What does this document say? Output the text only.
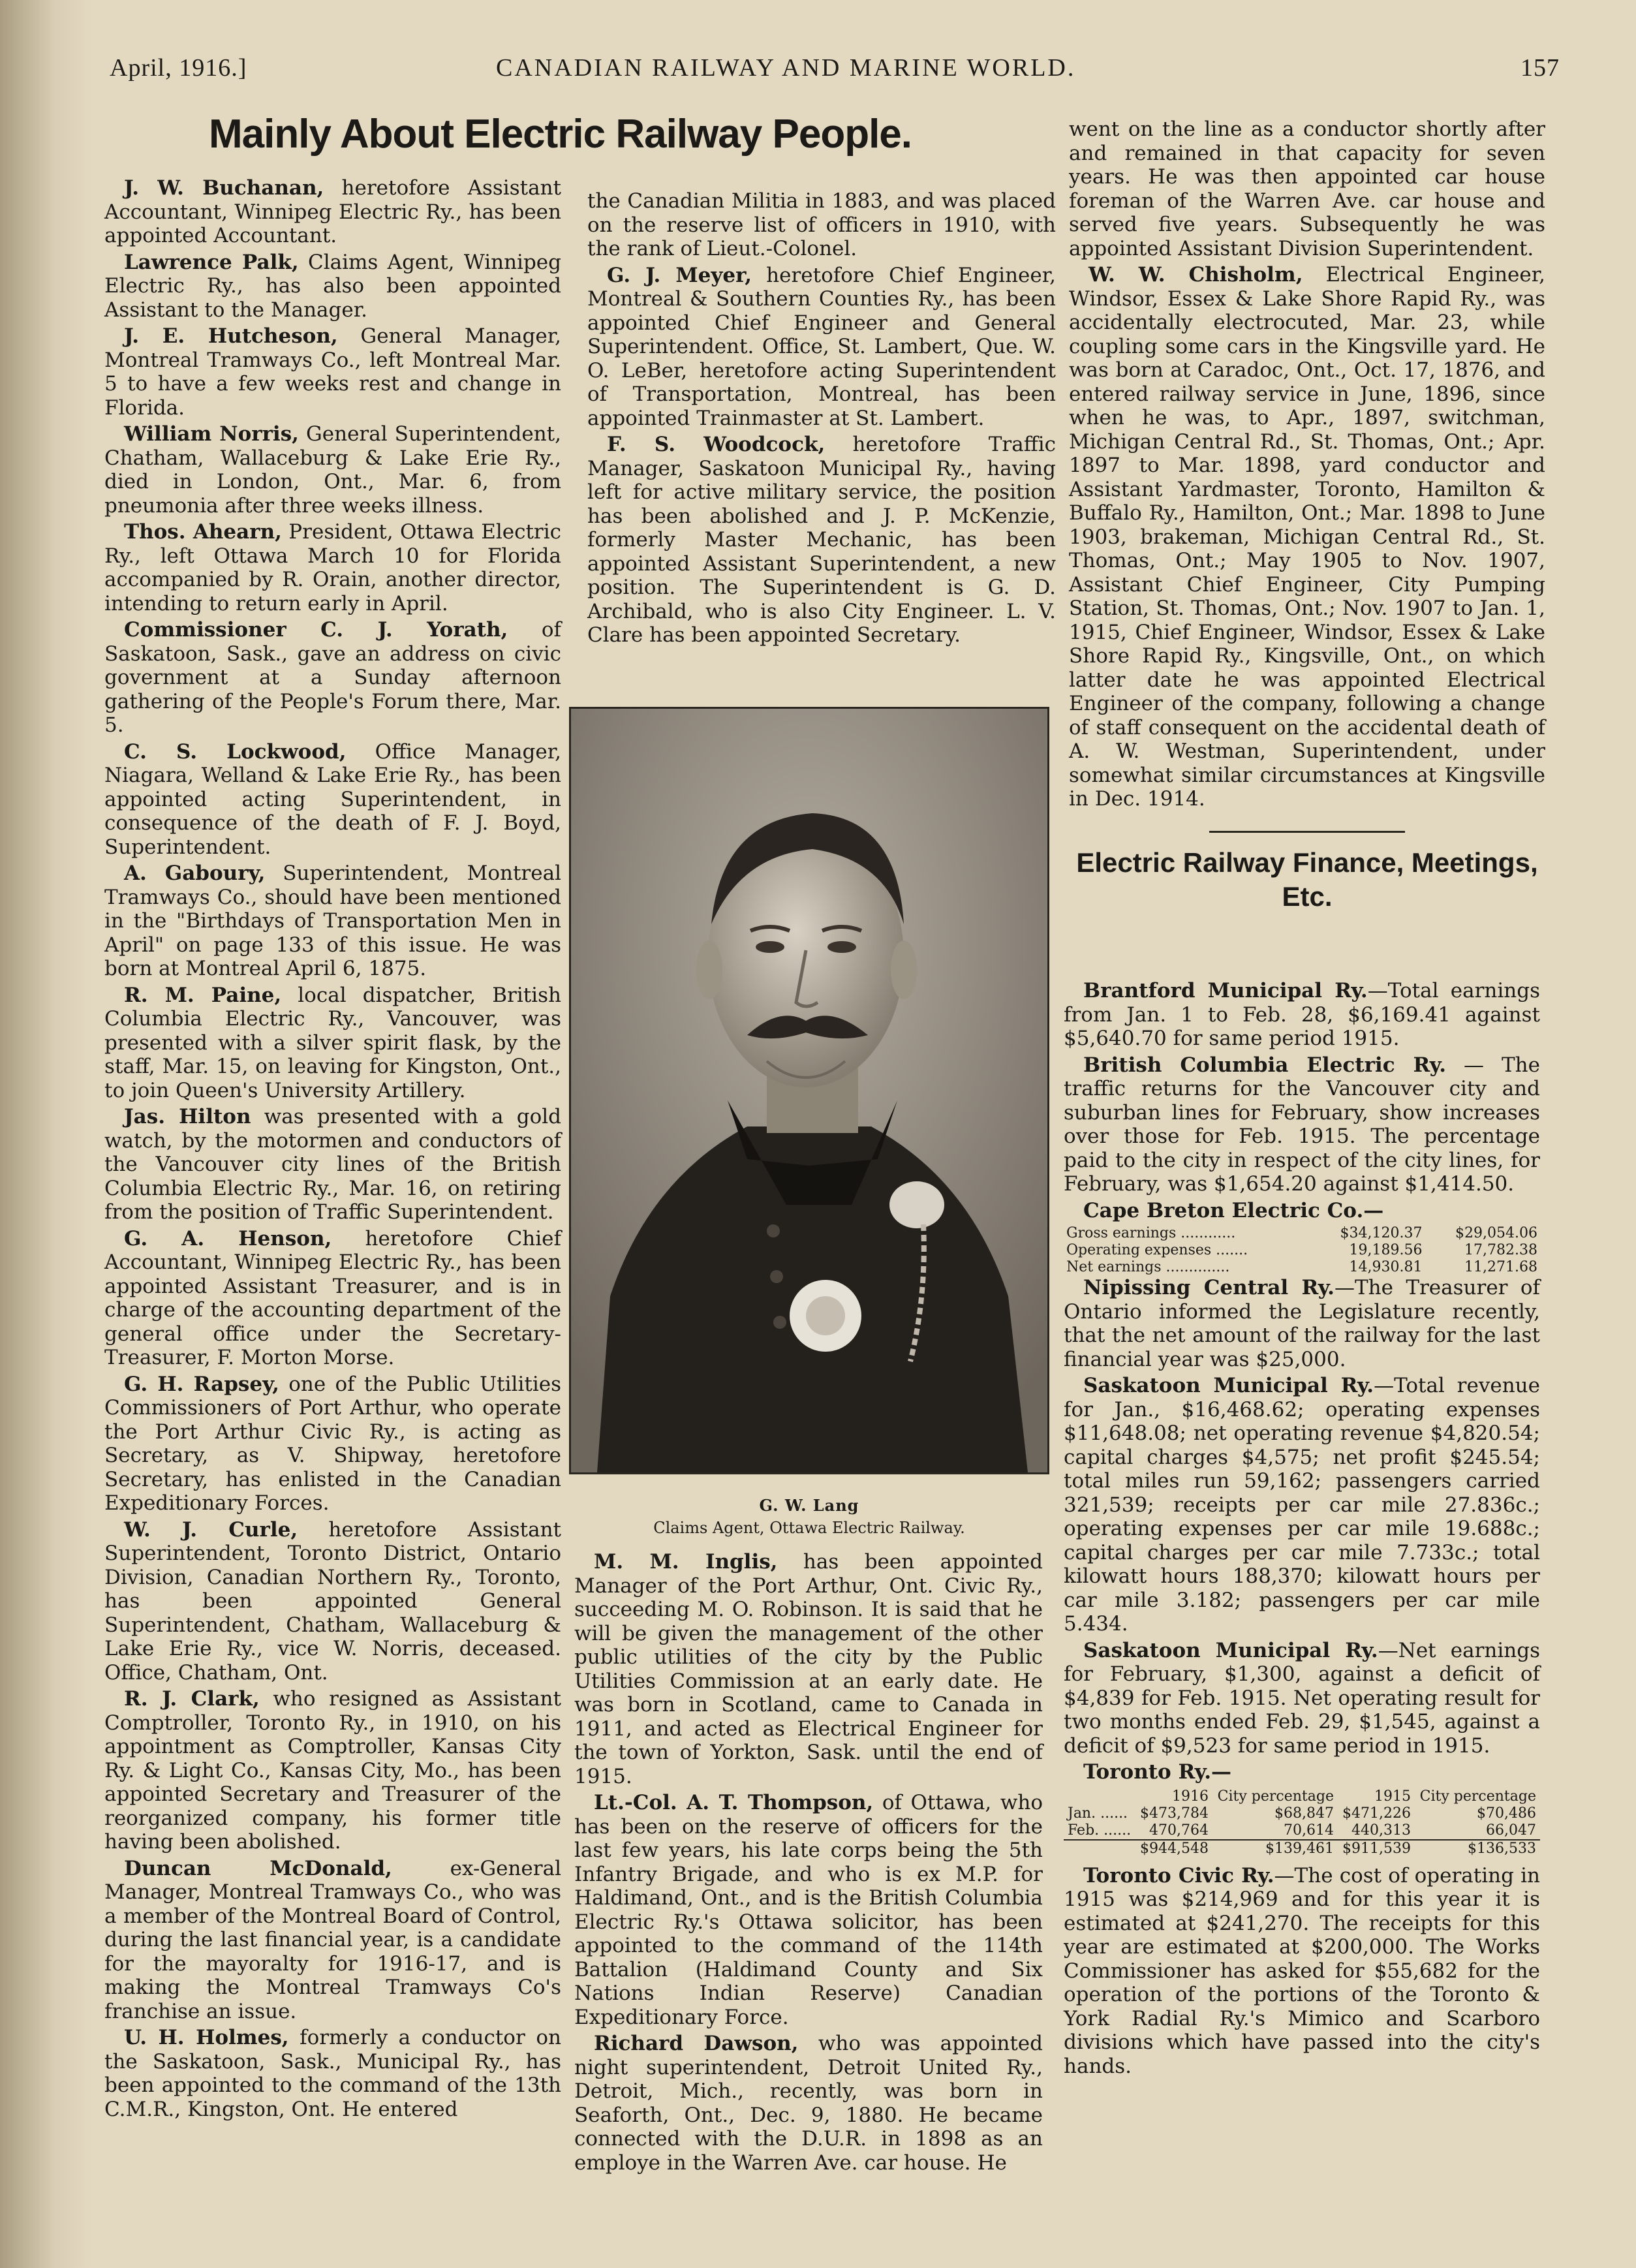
April, 1916.]	CANADIAN RAILWAY AND MARINE WORLD.	157
Mainly About Electric Railway People.

J. W. Buchanan, heretofore Assistant Accountant, Winnipeg Electric Ry., has been appointed Accountant.

Lawrence Palk, Claims Agent, Winnipeg Electric Ry., has also been appointed Assistant to the Manager.

J. E. Hutcheson, General Manager, Montreal Tramways Co., left Montreal Mar. 5 to have a few weeks rest and change in Florida.

William Norris, General Superintendent, Chatham, Wallaceburg & Lake Erie Ry., died in London, Ont., Mar. 6, from pneumonia after three weeks illness.

Thos. Ahearn, President, Ottawa Electric Ry., left Ottawa March 10 for Florida accompanied by R. Orain, another director, intending to return early in April.

Commissioner C. J. Yorath, of Saskatoon, Sask., gave an address on civic government at a Sunday afternoon gathering of the People's Forum there, Mar. 5.

C. S. Lockwood, Office Manager, Niagara, Welland & Lake Erie Ry., has been appointed acting Superintendent, in consequence of the death of F. J. Boyd, Superintendent.

A. Gaboury, Superintendent, Montreal Tramways Co., should have been mentioned in the "Birthdays of Transportation Men in April" on page 133 of this issue. He was born at Montreal April 6, 1875.

R. M. Paine, local dispatcher, British Columbia Electric Ry., Vancouver, was presented with a silver spirit flask, by the staff, Mar. 15, on leaving for Kingston, Ont., to join Queen's University Artillery.

Jas. Hilton was presented with a gold watch, by the motormen and conductors of the Vancouver city lines of the British Columbia Electric Ry., Mar. 16, on retiring from the position of Traffic Superintendent.

G. A. Henson, heretofore Chief Accountant, Winnipeg Electric Ry., has been appointed Assistant Treasurer, and is in charge of the accounting department of the general office under the Secretary-Treasurer, F. Morton Morse.

G. H. Rapsey, one of the Public Utilities Commissioners of Port Arthur, who operate the Port Arthur Civic Ry., is acting as Secretary, as V. Shipway, heretofore Secretary, has enlisted in the Canadian Expeditionary Forces.

W. J. Curle, heretofore Assistant Superintendent, Toronto District, Ontario Division, Canadian Northern Ry., Toronto, has been appointed General Superintendent, Chatham, Wallaceburg & Lake Erie Ry., vice W. Norris, deceased. Office, Chatham, Ont.

R. J. Clark, who resigned as Assistant Comptroller, Toronto Ry., in 1910, on his appointment as Comptroller, Kansas City Ry. & Light Co., Kansas City, Mo., has been appointed Secretary and Treasurer of the reorganized company, his former title having been abolished.

Duncan McDonald, ex-General Manager, Montreal Tramways Co., who was a member of the Montreal Board of Control, during the last financial year, is a candidate for the mayoralty for 1916-17, and is making the Montreal Tramways Co's franchise an issue.

U. H. Holmes, formerly a conductor on the Saskatoon, Sask., Municipal Ry., has been appointed to the command of the 13th C.M.R., Kingston, Ont. He entered

the Canadian Militia in 1883, and was placed on the reserve list of officers in 1910, with the rank of Lieut.-Colonel.

G. J. Meyer, heretofore Chief Engineer, Montreal & Southern Counties Ry., has been appointed Chief Engineer and General Superintendent. Office, St. Lambert, Que. W. O. LeBer, heretofore acting Superintendent of Transportation, Montreal, has been appointed Trainmaster at St. Lambert.

F. S. Woodcock, heretofore Traffic Manager, Saskatoon Municipal Ry., having left for active military service, the position has been abolished and J. P. McKenzie, formerly Master Mechanic, has been appointed Assistant Superintendent, a new position. The Superintendent is G. D. Archibald, who is also City Engineer. L. V. Clare has been appointed Secretary.

G. W. Lang
Claims Agent, Ottawa Electric Railway.

M. M. Inglis, has been appointed Manager of the Port Arthur, Ont. Civic Ry., succeeding M. O. Robinson. It is said that he will be given the management of the other public utilities of the city by the Public Utilities Commission at an early date. He was born in Scotland, came to Canada in 1911, and acted as Electrical Engineer for the town of Yorkton, Sask. until the end of 1915.

Lt.-Col. A. T. Thompson, of Ottawa, who has been on the reserve of officers for the last few years, his late corps being the 5th Infantry Brigade, and who is ex M.P. for Haldimand, Ont., and is the British Columbia Electric Ry.'s Ottawa solicitor, has been appointed to the command of the 114th Battalion (Haldimand County and Six Nations Indian Reserve) Canadian Expeditionary Force.

Richard Dawson, who was appointed night superintendent, Detroit United Ry., Detroit, Mich., recently, was born in Seaforth, Ont., Dec. 9, 1880. He became connected with the D.U.R. in 1898 as an employe in the Warren Ave. car house. He

went on the line as a conductor shortly after and remained in that capacity for seven years. He was then appointed car house foreman of the Warren Ave. car house and served five years. Subsequently he was appointed Assistant Division Superintendent.

W. W. Chisholm, Electrical Engineer, Windsor, Essex & Lake Shore Rapid Ry., was accidentally electrocuted, Mar. 23, while coupling some cars in the Kingsville yard. He was born at Caradoc, Ont., Oct. 17, 1876, and entered railway service in June, 1896, since when he was, to Apr., 1897, switchman, Michigan Central Rd., St. Thomas, Ont.; Apr. 1897 to Mar. 1898, yard conductor and Assistant Yardmaster, Toronto, Hamilton & Buffalo Ry., Hamilton, Ont.; Mar. 1898 to June 1903, brakeman, Michigan Central Rd., St. Thomas, Ont.; May 1905 to Nov. 1907, Assistant Chief Engineer, City Pumping Station, St. Thomas, Ont.; Nov. 1907 to Jan. 1, 1915, Chief Engineer, Windsor, Essex & Lake Shore Rapid Ry., Kingsville, Ont., on which latter date he was appointed Electrical Engineer of the company, following a change of staff consequent on the accidental death of A. W. Westman, Superintendent, under somewhat similar circumstances at Kingsville in Dec. 1914.

Electric Railway Finance, Meetings, Etc.

Brantford Municipal Ry.—Total earnings from Jan. 1 to Feb. 28, $6,169.41 against $5,640.70 for same period 1915.

British Columbia Electric Ry. — The traffic returns for the Vancouver city and suburban lines for February, show increases over those for Feb. 1915. The percentage paid to the city in respect of the city lines, for February, was $1,654.20 against $1,414.50.

Cape Breton Electric Co.—

Gross earnings ............	$34,120.37	$29,054.06
Operating expenses .......	19,189.56	17,782.38
Net earnings ..............	14,930.81	11,271.68

Nipissing Central Ry.—The Treasurer of Ontario informed the Legislature recently, that the net amount of the railway for the last financial year was $25,000.

Saskatoon Municipal Ry.—Total revenue for Jan., $16,468.62; operating expenses $11,648.08; net operating revenue $4,820.54; capital charges $4,575; net profit $245.54; total miles run 59,162; passengers carried 321,539; receipts per car mile 27.836c.; operating expenses per car mile 19.688c.; capital charges per car mile 7.733c.; total kilowatt hours 188,370; kilowatt hours per car mile 3.182; passengers per car mile 5.434.

Saskatoon Municipal Ry.—Net earnings for February, $1,300, against a deficit of $4,839 for Feb. 1915. Net operating result for two months ended Feb. 29, $1,545, against a deficit of $9,523 for same period in 1915.

Toronto Ry.—

	1916	City percentage	1915	City percentage
Jan. ......	$473,784	$68,847	$471,226	$70,486
Feb. ......	470,764	70,614	440,313	66,047
	$944,548	$139,461	$911,539	$136,533

Toronto Civic Ry.—The cost of operating in 1915 was $214,969 and for this year it is estimated at $241,270. The receipts for this year are estimated at $200,000. The Works Commissioner has asked for $55,682 for the operation of the portions of the Toronto & York Radial Ry.'s Mimico and Scarboro divisions which have passed into the city's hands.
